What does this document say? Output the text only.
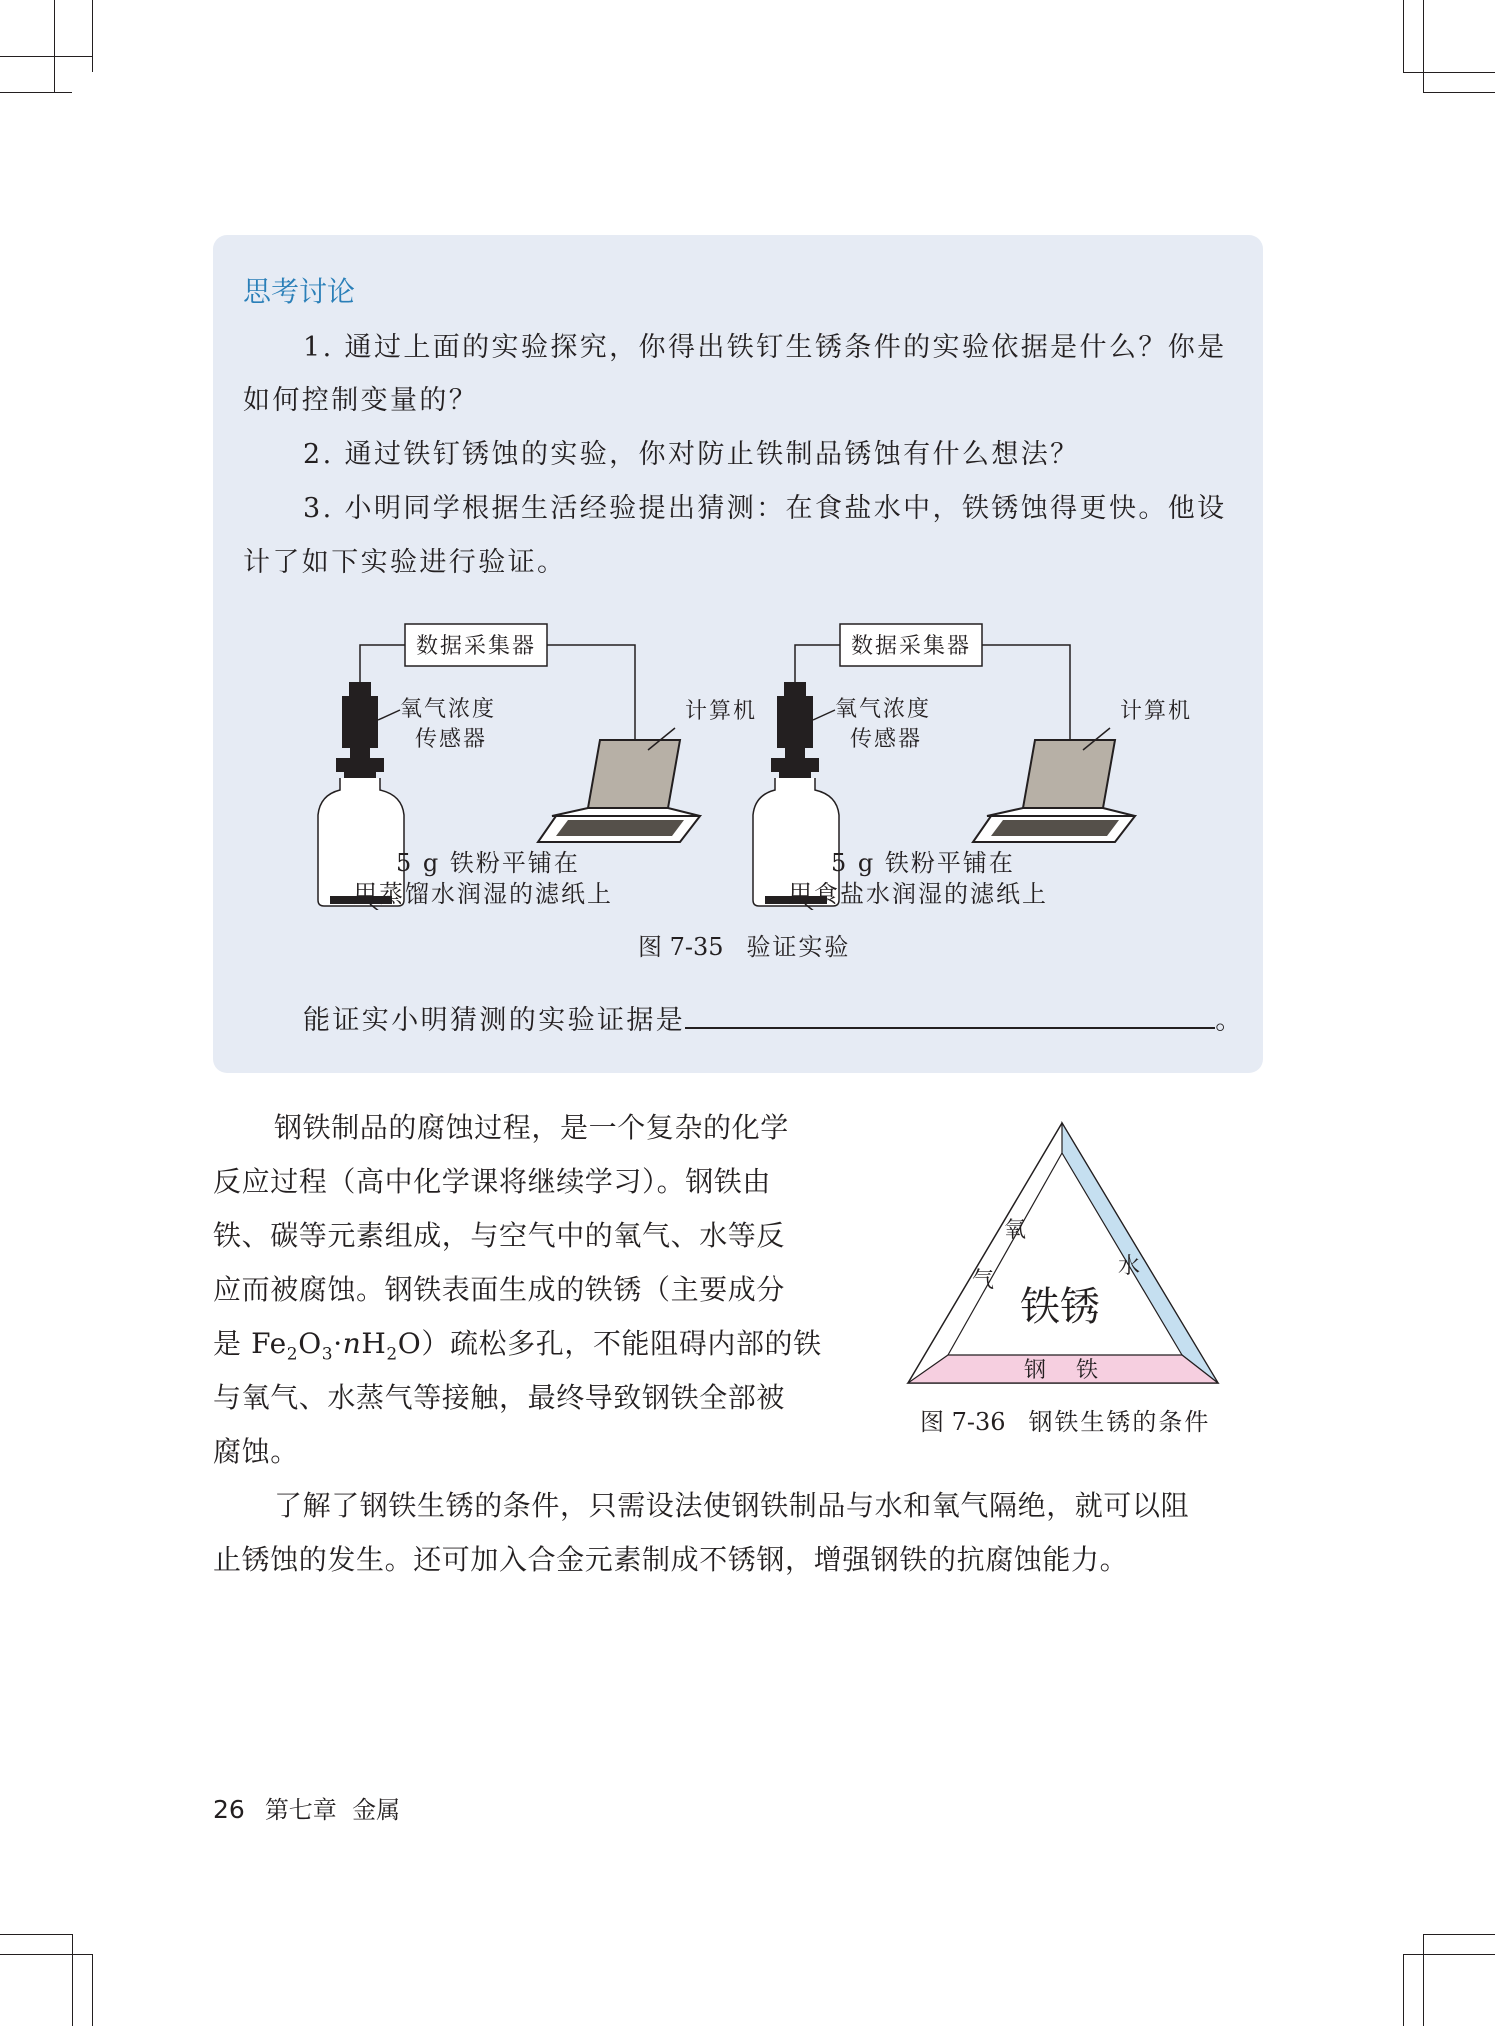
思考讨论
1. 通过上面的实验探究，你得出铁钉生锈条件的实验依据是什么？你是
如何控制变量的？
2. 通过铁钉锈蚀的实验，你对防止铁制品锈蚀有什么想法？
3. 小明同学根据生活经验提出猜测：在食盐水中，铁锈蚀得更快。他设
计了如下实验进行验证。
数据采集器
计算机
氧气浓度
传感器
数据采集器
计算机
氧气浓度
传感器
5 g 铁粉平铺在
用蒸馏水润湿的滤纸上
5 g 铁粉平铺在
用食盐水润湿的滤纸上
图 7-35 验证实验
能证实小明猜测的实验证据是	。
钢铁制品的腐蚀过程，是一个复杂的化学
反应过程（高中化学课将继续学习）。钢铁由
铁、碳等元素组成，与空气中的氧气、水等反
应而被腐蚀。钢铁表面生成的铁锈（主要成分
是 $Fe_2O_3\cdot nH_2O$）疏松多孔，不能阻碍内部的铁
与氧气、水蒸气等接触，最终导致钢铁全部被
腐蚀。
氧
气
水
铁锈
钢 铁
图 7-36 钢铁生锈的条件
了解了钢铁生锈的条件，只需设法使钢铁制品与水和氧气隔绝，就可以阻
止锈蚀的发生。还可加入合金元素制成不锈钢，增强钢铁的抗腐蚀能力。
26 第七章  金属
